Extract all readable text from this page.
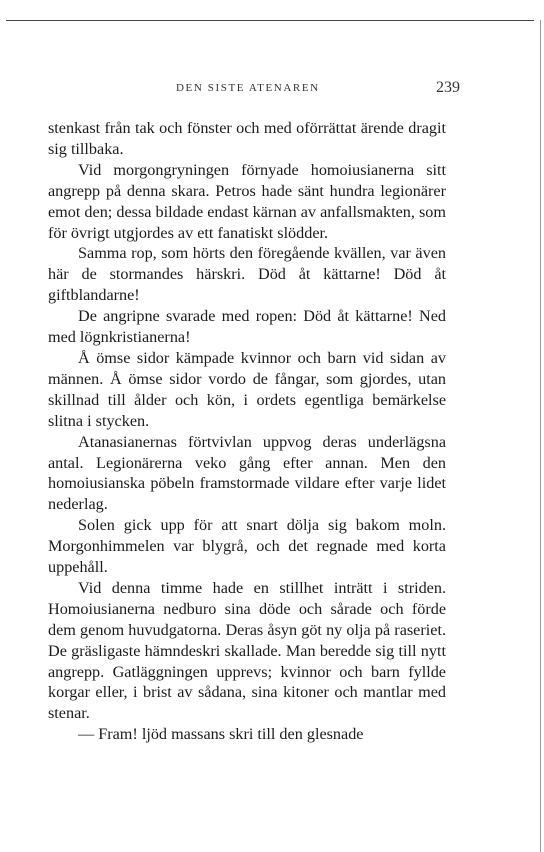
DEN SISTE ATENAREN	239

stenkast från tak och fönster och med oförrättat ärende dragit sig tillbaka.

Vid morgongryningen förnyade homoiusianerna sitt angrepp på denna skara. Petros hade sänt hundra legionärer emot den; dessa bildade endast kärnan av anfallsmakten, som för övrigt utgjordes av ett fanatiskt slödder.

Samma rop, som hörts den föregående kvällen, var även här de stormandes härskri. Död åt kättarne! Död åt giftblandarne!

De angripne svarade med ropen: Död åt kättarne! Ned med lögnkristianerna!

Å ömse sidor kämpade kvinnor och barn vid sidan av männen. Å ömse sidor vordo de fångar, som gjordes, utan skillnad till ålder och kön, i ordets egentliga bemärkelse slitna i stycken.

Atanasianernas förtvivlan uppvog deras underlägsna antal. Legionärerna veko gång efter annan. Men den homoiusianska pöbeln framstormade vildare efter varje lidet nederlag.

Solen gick upp för att snart dölja sig bakom moln. Morgonhimmelen var blygrå, och det regnade med korta uppehåll.

Vid denna timme hade en stillhet inträtt i striden. Homoiusianerna nedburo sina döde och sårade och förde dem genom huvudgatorna. Deras åsyn göt ny olja på raseriet. De gräsligaste hämndeskri skallade. Man beredde sig till nytt angrepp. Gatläggningen upprevs; kvinnor och barn fyllde korgar eller, i brist av sådana, sina kitoner och mantlar med stenar.

— Fram! ljöd massans skri till den glesnade
